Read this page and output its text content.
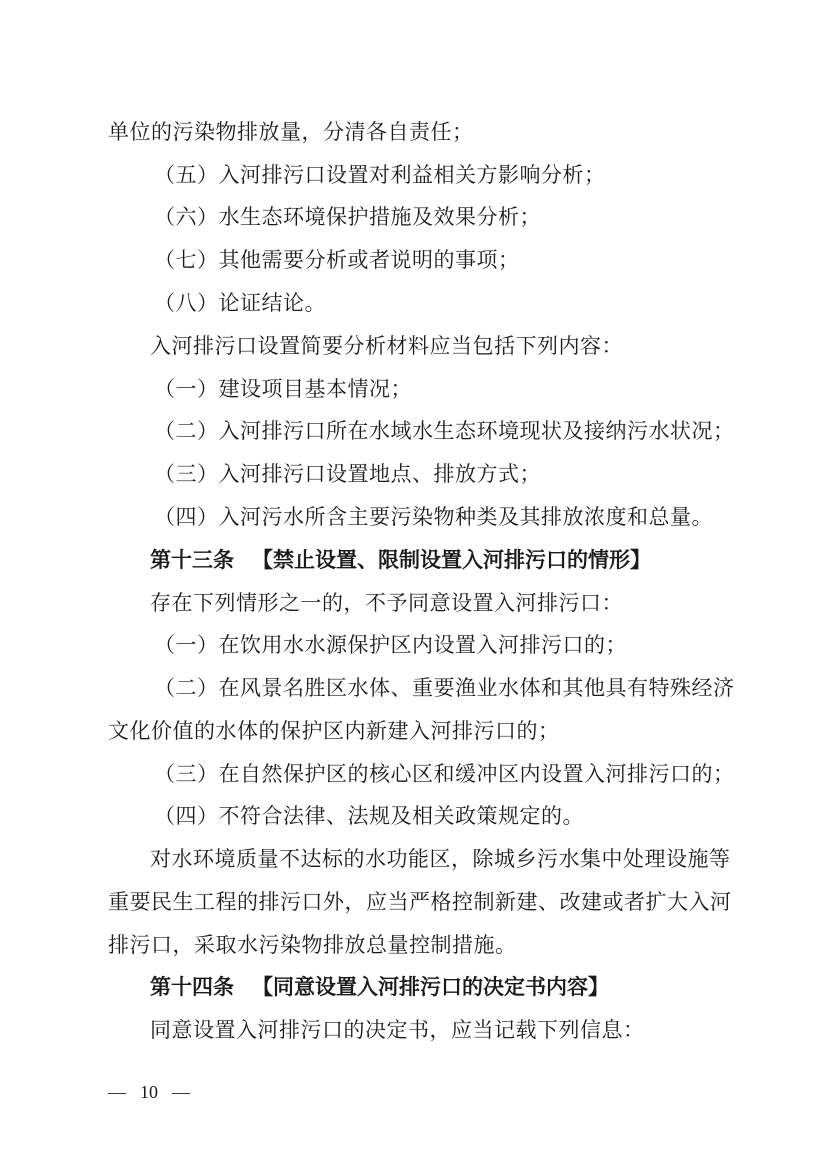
单位的污染物排放量，分清各自责任；
（五）入河排污口设置对利益相关方影响分析；
（六）水生态环境保护措施及效果分析；
（七）其他需要分析或者说明的事项；
（八）论证结论。
入河排污口设置简要分析材料应当包括下列内容：
（一）建设项目基本情况；
（二）入河排污口所在水域水生态环境现状及接纳污水状况；
（三）入河排污口设置地点、排放方式；
（四）入河污水所含主要污染物种类及其排放浓度和总量。
第十三条 【禁止设置、限制设置入河排污口的情形】
存在下列情形之一的，不予同意设置入河排污口：
（一）在饮用水水源保护区内设置入河排污口的；
（二）在风景名胜区水体、重要渔业水体和其他具有特殊经济
文化价值的水体的保护区内新建入河排污口的；
（三）在自然保护区的核心区和缓冲区内设置入河排污口的；
（四）不符合法律、法规及相关政策规定的。
对水环境质量不达标的水功能区，除城乡污水集中处理设施等
重要民生工程的排污口外，应当严格控制新建、改建或者扩大入河
排污口，采取水污染物排放总量控制措施。
第十四条 【同意设置入河排污口的决定书内容】
同意设置入河排污口的决定书，应当记载下列信息：
— 10 —
